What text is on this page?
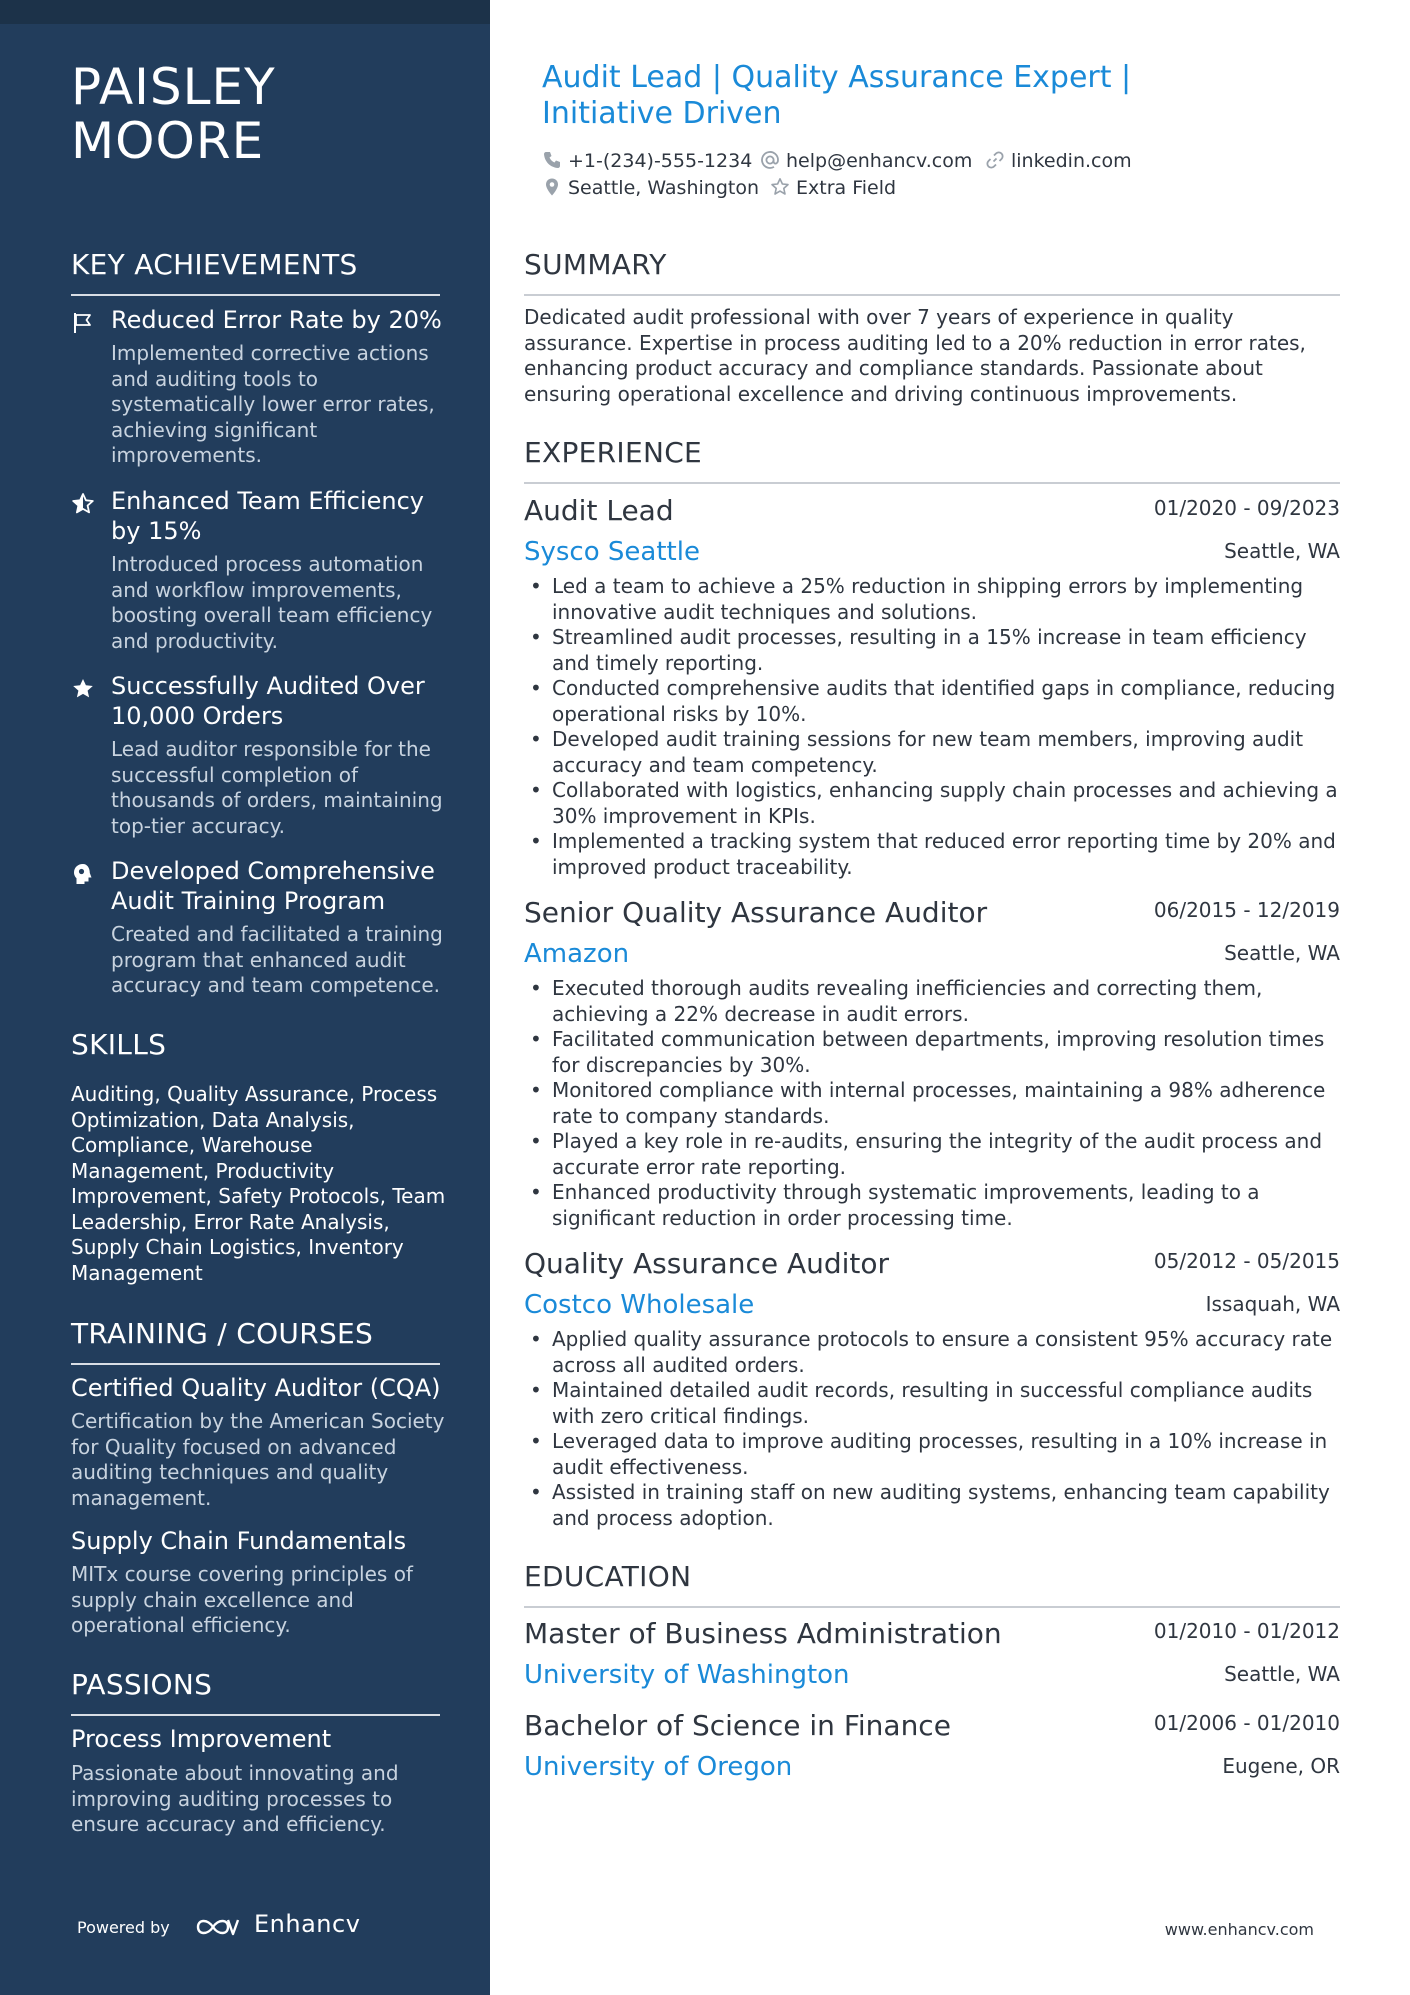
PAISLEY
MOORE
KEY ACHIEVEMENTS
Reduced Error Rate by 20%
Implemented corrective actions and auditing tools to systematically lower error rates, achieving significant improvements.
Enhanced Team Efficiency by 15%
Introduced process automation and workflow improvements, boosting overall team efficiency and productivity.
Successfully Audited Over 10,000 Orders
Lead auditor responsible for the successful completion of thousands of orders, maintaining top-tier accuracy.
Developed Comprehensive Audit Training Program
Created and facilitated a training program that enhanced audit accuracy and team competence.
SKILLS
Auditing, Quality Assurance, Process Optimization, Data Analysis, Compliance, Warehouse Management, Productivity Improvement, Safety Protocols, Team Leadership, Error Rate Analysis, Supply Chain Logistics, Inventory Management
TRAINING / COURSES
Certified Quality Auditor (CQA)
Certification by the American Society for Quality focused on advanced auditing techniques and quality management.
Supply Chain Fundamentals
MITx course covering principles of supply chain excellence and operational efficiency.
PASSIONS
Process Improvement
Passionate about innovating and improving auditing processes to ensure accuracy and efficiency.
Powered by	Enhancv
Audit Lead | Quality Assurance Expert | Initiative Driven
+1-(234)-555-1234	help@enhancv.com	linkedin.com
Seattle, Washington	Extra Field
SUMMARY
Dedicated audit professional with over 7 years of experience in quality assurance. Expertise in process auditing led to a 20% reduction in error rates, enhancing product accuracy and compliance standards. Passionate about ensuring operational excellence and driving continuous improvements.
EXPERIENCE
Audit Lead	01/2020 - 09/2023
Sysco Seattle	Seattle, WA
• Led a team to achieve a 25% reduction in shipping errors by implementing innovative audit techniques and solutions.
• Streamlined audit processes, resulting in a 15% increase in team efficiency and timely reporting.
• Conducted comprehensive audits that identified gaps in compliance, reducing operational risks by 10%.
• Developed audit training sessions for new team members, improving audit accuracy and team competency.
• Collaborated with logistics, enhancing supply chain processes and achieving a 30% improvement in KPIs.
• Implemented a tracking system that reduced error reporting time by 20% and improved product traceability.
Senior Quality Assurance Auditor	06/2015 - 12/2019
Amazon	Seattle, WA
• Executed thorough audits revealing inefficiencies and correcting them, achieving a 22% decrease in audit errors.
• Facilitated communication between departments, improving resolution times for discrepancies by 30%.
• Monitored compliance with internal processes, maintaining a 98% adherence rate to company standards.
• Played a key role in re-audits, ensuring the integrity of the audit process and accurate error rate reporting.
• Enhanced productivity through systematic improvements, leading to a significant reduction in order processing time.
Quality Assurance Auditor	05/2012 - 05/2015
Costco Wholesale	Issaquah, WA
• Applied quality assurance protocols to ensure a consistent 95% accuracy rate across all audited orders.
• Maintained detailed audit records, resulting in successful compliance audits with zero critical findings.
• Leveraged data to improve auditing processes, resulting in a 10% increase in audit effectiveness.
• Assisted in training staff on new auditing systems, enhancing team capability and process adoption.
EDUCATION
Master of Business Administration	01/2010 - 01/2012
University of Washington	Seattle, WA
Bachelor of Science in Finance	01/2006 - 01/2010
University of Oregon	Eugene, OR
www.enhancv.com
